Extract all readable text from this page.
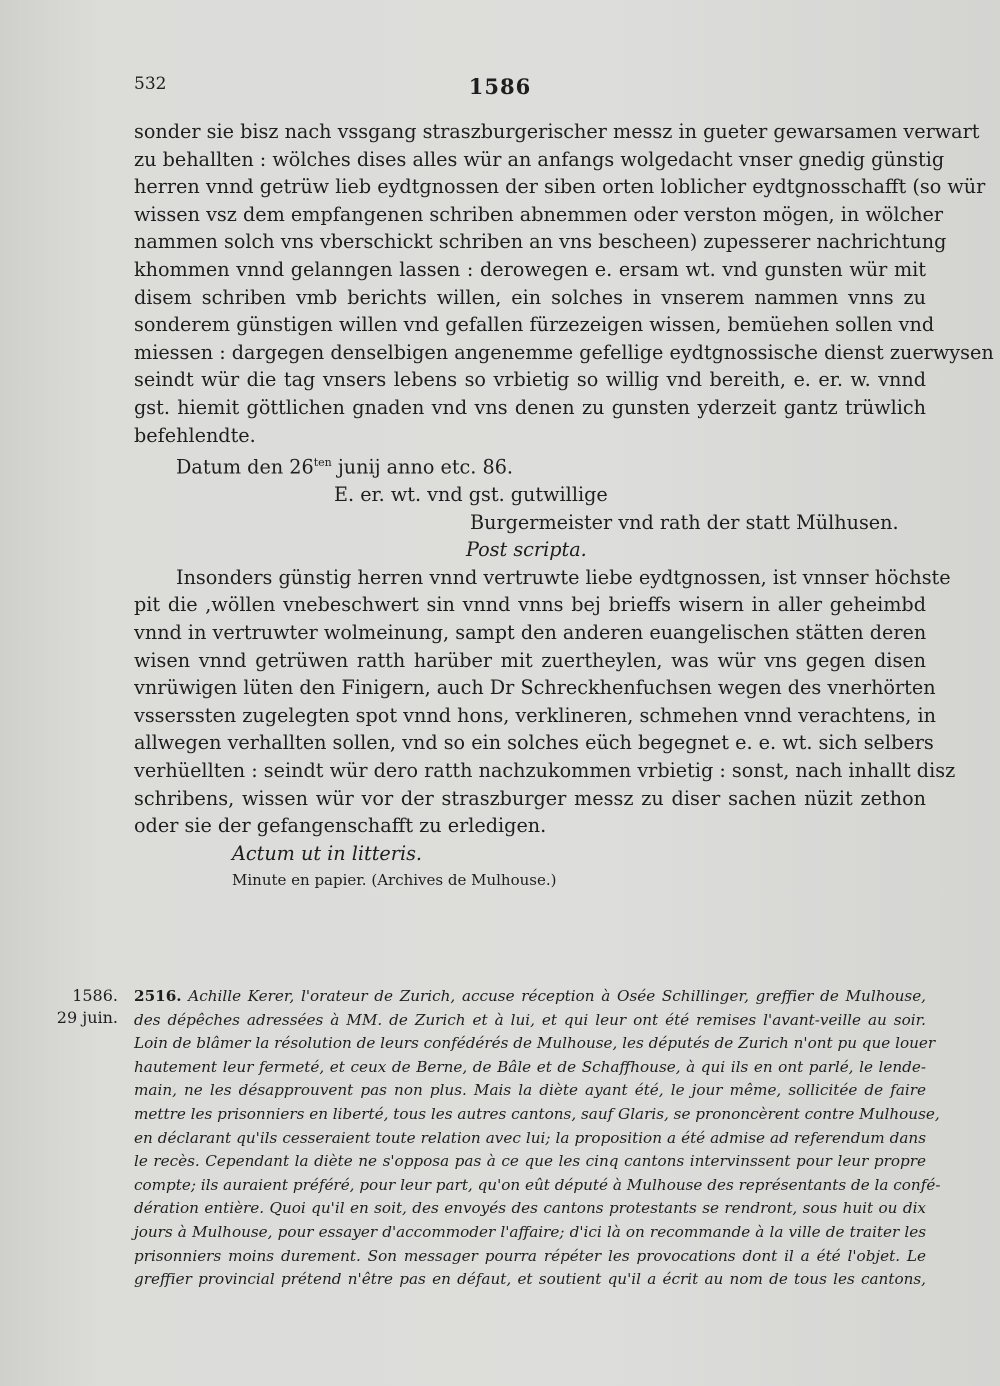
532	1586

sonder sie bisz nach vssgang straszburgerischer messz in gueter gewarsamen verwart
zu behallten : wölches dises alles wür an anfangs wolgedacht vnser gnedig günstig
herren vnnd getrüw lieb eydtgnossen der siben orten loblicher eydtgnosschafft (so wür
wissen vsz dem empfangenen schriben abnemmen oder verston mögen, in wölcher
nammen solch vns vberschickt schriben an vns bescheen) zupesserer nachrichtung
khommen vnnd gelanngen lassen : derowegen e. ersam wt. vnd gunsten wür mit
disem schriben vmb berichts willen, ein solches in vnserem nammen vnns zu
sonderem günstigen willen vnd gefallen fürzezeigen wissen, bemüehen sollen vnd
miessen : dargegen denselbigen angenemme gefellige eydtgnossische dienst zuerwysen
seindt wür die tag vnsers lebens so vrbietig so willig vnd bereith, e. er. w. vnnd
gst. hiemit göttlichen gnaden vnd vns denen zu gunsten yderzeit gantz trüwlich
befehlendte.

Datum den $26^{ten}$ junij anno etc. 86.

E. er. wt. vnd gst. gutwillige

Burgermeister vnd rath der statt Mülhusen.

Post scripta.

Insonders günstig herren vnnd vertruwte liebe eydtgnossen, ist vnnser höchste
pit die ,wöllen vnebeschwert sin vnnd vnns bej brieffs wisern in aller geheimbd
vnnd in vertruwter wolmeinung, sampt den anderen euangelischen stätten deren
wisen vnnd getrüwen ratth harüber mit zuertheylen, was wür vns gegen disen
vnrüwigen lüten den Finigern, auch Dr Schreckhenfuchsen wegen des vnerhörten
vsserssten zugelegten spot vnnd hons, verklineren, schmehen vnnd verachtens, in
allwegen verhallten sollen, vnd so ein solches eüch begegnet e. e. wt. sich selbers
verhüellten : seindt wür dero ratth nachzukommen vrbietig : sonst, nach inhallt disz
schribens, wissen wür vor der straszburger messz zu diser sachen nüzit zethon
oder sie der gefangenschafft zu erledigen.

Actum ut in litteris.

Minute en papier. (Archives de Mulhouse.)

1586.
29 juin.
2516. Achille Kerer, l'orateur de Zurich, accuse réception à Osée Schillinger, greffier de Mulhouse,
des dépêches adressées à MM. de Zurich et à lui, et qui leur ont été remises l'avant-veille au soir.
Loin de blâmer la résolution de leurs confédérés de Mulhouse, les députés de Zurich n'ont pu que louer
hautement leur fermeté, et ceux de Berne, de Bâle et de Schaffhouse, à qui ils en ont parlé, le lende-
main, ne les désapprouvent pas non plus. Mais la diète ayant été, le jour même, sollicitée de faire
mettre les prisonniers en liberté, tous les autres cantons, sauf Glaris, se prononcèrent contre Mulhouse,
en déclarant qu'ils cesseraient toute relation avec lui; la proposition a été admise ad referendum dans
le recès. Cependant la diète ne s'opposa pas à ce que les cinq cantons intervinssent pour leur propre
compte; ils auraient préféré, pour leur part, qu'on eût député à Mulhouse des représentants de la confé-
dération entière. Quoi qu'il en soit, des envoyés des cantons protestants se rendront, sous huit ou dix
jours à Mulhouse, pour essayer d'accommoder l'affaire; d'ici là on recommande à la ville de traiter les
prisonniers moins durement. Son messager pourra répéter les provocations dont il a été l'objet. Le
greffier provincial prétend n'être pas en défaut, et soutient qu'il a écrit au nom de tous les cantons,
